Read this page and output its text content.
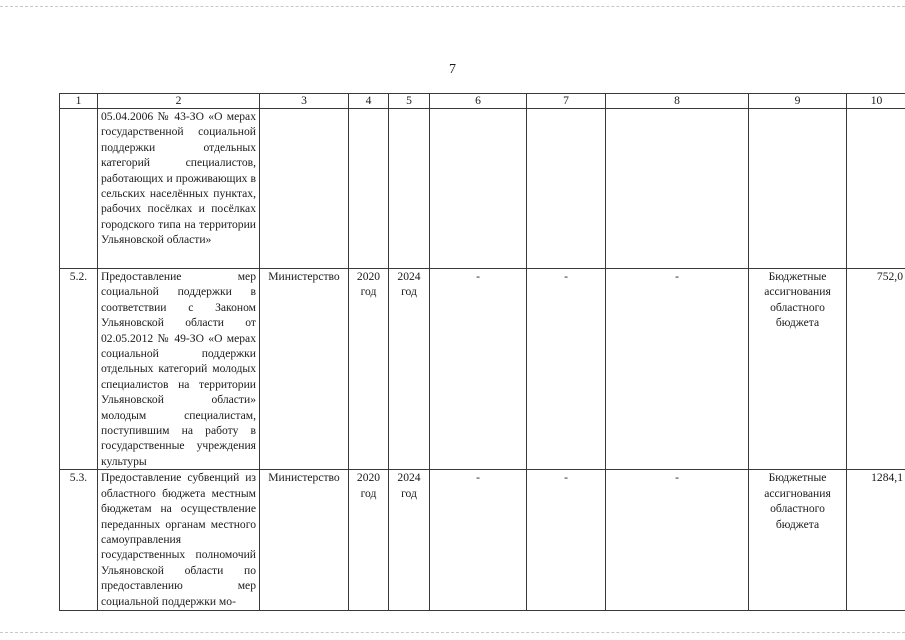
7
1	2	3	4	5	6	7	8	9	10
	05.04.2006 № 43-ЗО «О мерах государственной социальной поддержки отдельных категорий специалистов, работающих и проживающих в сельских населённых пунктах, рабочих посёлках и посёлках городского типа на территории Ульяновской области»								
5.2.	Предоставление мер социальной поддержки в соответствии с Законом Ульяновской области от 02.05.2012 № 49-ЗО «О мерах социальной поддержки отдельных категорий молодых специалистов на территории Ульяновской области» молодым специалистам, поступившим на работу в государственные учреждения культуры	Министерство	2020 год	2024 год	-	-	-	Бюджетные ассигнования областного бюджета	752,0
5.3.	Предоставление субвенций из областного бюджета местным бюджетам на осуществление переданных органам местного самоуправления государственных полномочий Ульяновской области по предоставлению мер социальной поддержки мо-	Министерство	2020 год	2024 год	-	-	-	Бюджетные ассигнования областного бюджета	1284,1
